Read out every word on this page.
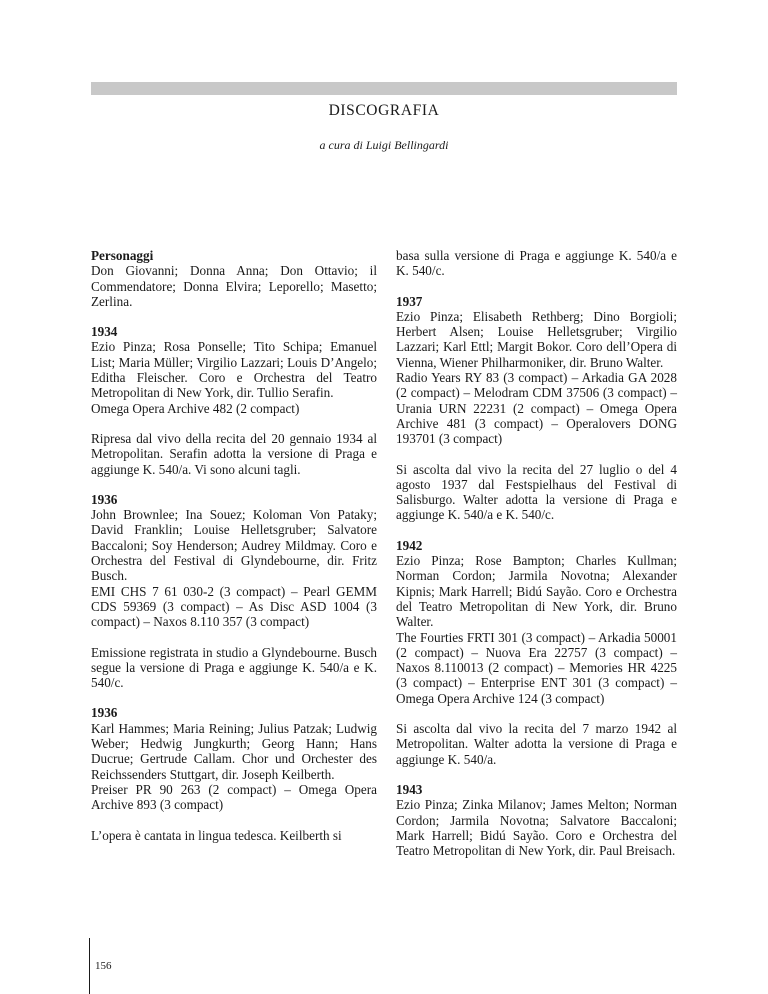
DISCOGRAFIA
a cura di Luigi Bellingardi

Personaggi
Don Giovanni; Donna Anna; Don Ottavio; il Commendatore; Donna Elvira; Leporello; Masetto; Zerlina.

1934
Ezio Pinza; Rosa Ponselle; Tito Schipa; Emanuel List; Maria Müller; Virgilio Lazzari; Louis D’Angelo; Editha Fleischer. Coro e Orchestra del Teatro Metropolitan di New York, dir. Tullio Serafin.
Omega Opera Archive 482 (2 compact)

Ripresa dal vivo della recita del 20 gennaio 1934 al Metropolitan. Serafin adotta la versione di Praga e aggiunge K. 540/a. Vi sono alcuni tagli.

1936
John Brownlee; Ina Souez; Koloman Von Pataky; David Franklin; Louise Helletsgruber; Salvatore Baccaloni; Soy Henderson; Audrey Mildmay. Coro e Orchestra del Festival di Glyndebourne, dir. Fritz Busch.
EMI CHS 7 61 030-2 (3 compact) – Pearl GEMM CDS 59369 (3 compact) – As Disc ASD 1004 (3 compact) – Naxos 8.110 357 (3 compact)

Emissione registrata in studio a Glyndebourne. Busch segue la versione di Praga e aggiunge K. 540/a e K. 540/c.

1936
Karl Hammes; Maria Reining; Julius Patzak; Ludwig Weber; Hedwig Jungkurth; Georg Hann; Hans Ducrue; Gertrude Callam. Chor und Orchester des Reichssenders Stuttgart, dir. Joseph Keilberth.
Preiser PR 90 263 (2 compact) – Omega Opera Archive 893 (3 compact)

L’opera è cantata in lingua tedesca. Keilberth si

basa sulla versione di Praga e aggiunge K. 540/a e K. 540/c.

1937
Ezio Pinza; Elisabeth Rethberg; Dino Borgioli; Herbert Alsen; Louise Helletsgruber; Virgilio Lazzari; Karl Ettl; Margit Bokor. Coro dell’Opera di Vienna, Wiener Philharmoniker, dir. Bruno Walter.
Radio Years RY 83 (3 compact) – Arkadia GA 2028 (2 compact) – Melodram CDM 37506 (3 compact) – Urania URN 22231 (2 compact) – Omega Opera Archive 481 (3 compact) – Operalovers DONG 193701 (3 compact)

Si ascolta dal vivo la recita del 27 luglio o del 4 agosto 1937 dal Festspielhaus del Festival di Salisburgo. Walter adotta la versione di Praga e aggiunge K. 540/a e K. 540/c.

1942
Ezio Pinza; Rose Bampton; Charles Kullman; Norman Cordon; Jarmila Novotna; Alexander Kipnis; Mark Harrell; Bidú Sayão. Coro e Orchestra del Teatro Metropolitan di New York, dir. Bruno Walter.
The Fourties FRTI 301 (3 compact) – Arkadia 50001 (2 compact) – Nuova Era 22757 (3 compact) – Naxos 8.110013 (2 compact) – Memories HR 4225 (3 compact) – Enterprise ENT 301 (3 compact) – Omega Opera Archive 124 (3 compact)

Si ascolta dal vivo la recita del 7 marzo 1942 al Metropolitan. Walter adotta la versione di Praga e aggiunge K. 540/a.

1943
Ezio Pinza; Zinka Milanov; James Melton; Norman Cordon; Jarmila Novotna; Salvatore Baccaloni; Mark Harrell; Bidú Sayão. Coro e Orchestra del Teatro Metropolitan di New York, dir. Paul Breisach.

156
